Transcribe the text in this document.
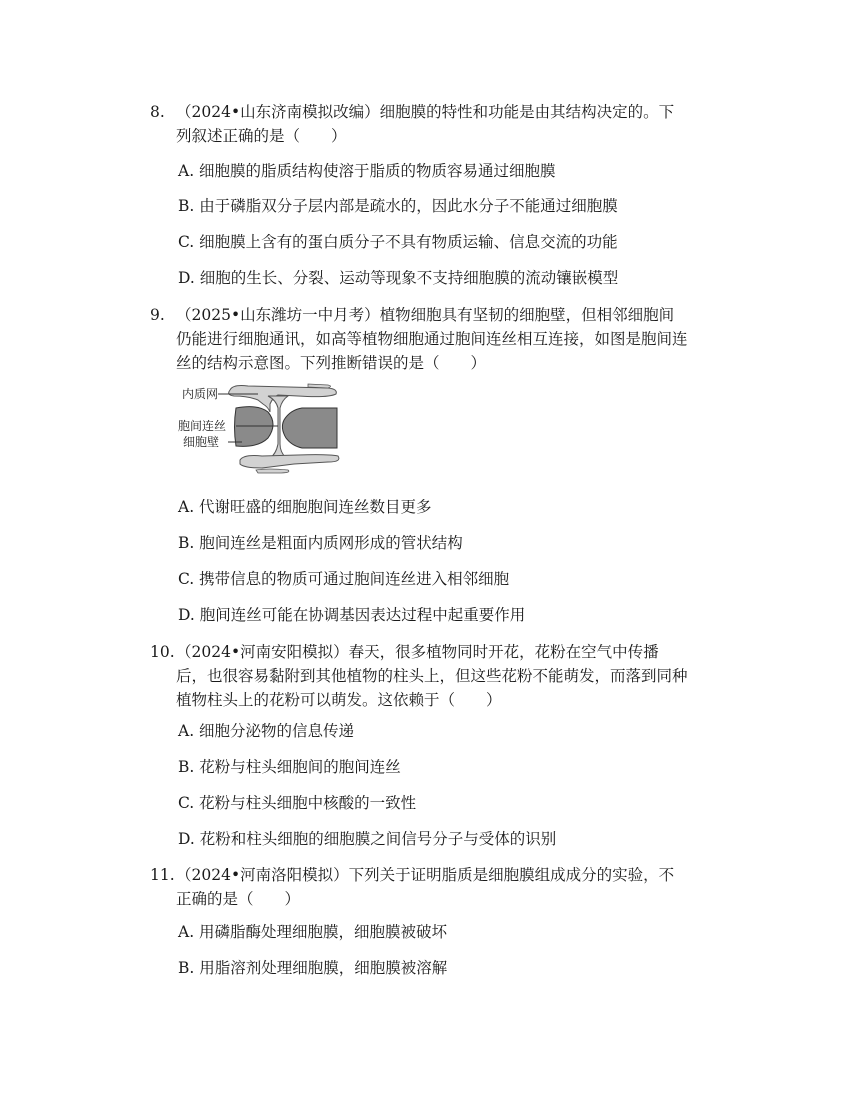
8. （2024•山东济南模拟改编）细胞膜的特性和功能是由其结构决定的。下
列叙述正确的是（　　）
A. 细胞膜的脂质结构使溶于脂质的物质容易通过细胞膜
B. 由于磷脂双分子层内部是疏水的，因此水分子不能通过细胞膜
C. 细胞膜上含有的蛋白质分子不具有物质运输、信息交流的功能
D. 细胞的生长、分裂、运动等现象不支持细胞膜的流动镶嵌模型
9. （2025•山东潍坊一中月考）植物细胞具有坚韧的细胞壁，但相邻细胞间
仍能进行细胞通讯，如高等植物细胞通过胞间连丝相互连接，如图是胞间连
丝的结构示意图。下列推断错误的是（　　）
内质网
胞间连丝
细胞壁
A. 代谢旺盛的细胞胞间连丝数目更多
B. 胞间连丝是粗面内质网形成的管状结构
C. 携带信息的物质可通过胞间连丝进入相邻细胞
D. 胞间连丝可能在协调基因表达过程中起重要作用
10. （2024•河南安阳模拟）春天，很多植物同时开花，花粉在空气中传播
后，也很容易黏附到其他植物的柱头上，但这些花粉不能萌发，而落到同种
植物柱头上的花粉可以萌发。这依赖于（　　）
A. 细胞分泌物的信息传递
B. 花粉与柱头细胞间的胞间连丝
C. 花粉与柱头细胞中核酸的一致性
D. 花粉和柱头细胞的细胞膜之间信号分子与受体的识别
11. （2024•河南洛阳模拟）下列关于证明脂质是细胞膜组成成分的实验，不
正确的是（　　）
A. 用磷脂酶处理细胞膜，细胞膜被破坏
B. 用脂溶剂处理细胞膜，细胞膜被溶解
